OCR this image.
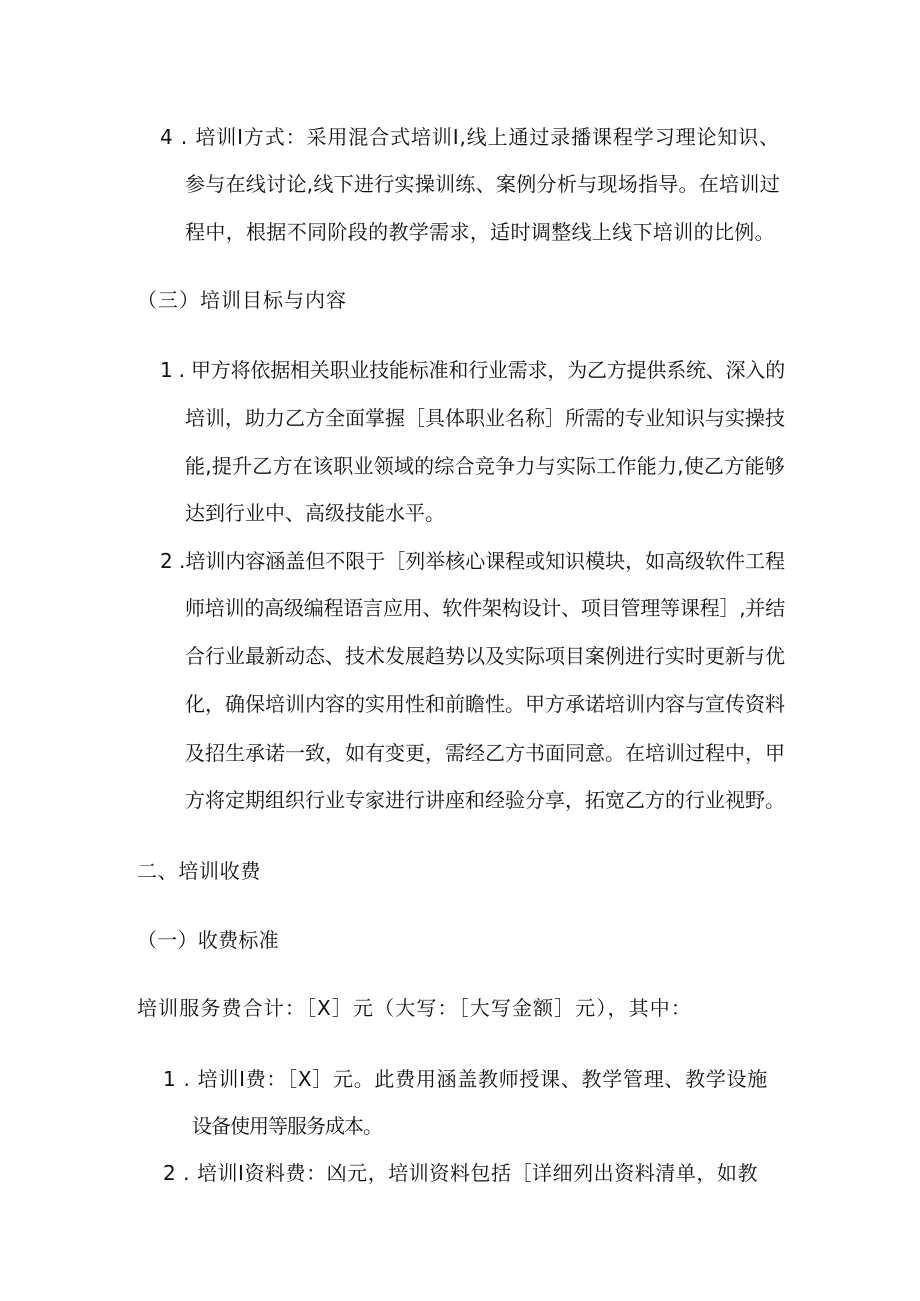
4 . 培训I方式：采用混合式培训I,线上通过录播课程学习理论知识、
参与在线讨论,线下进行实操训练、案例分析与现场指导。在培训过
程中，根据不同阶段的教学需求，适时调整线上线下培训的比例。
（三）培训目标与内容
1 . 甲方将依据相关职业技能标准和行业需求，为乙方提供系统、深入的
培训，助力乙方全面掌握［具体职业名称］所需的专业知识与实操技
能,提升乙方在该职业领域的综合竞争力与实际工作能力,使乙方能够
达到行业中、高级技能水平。
2 .培训内容涵盖但不限于［列举核心课程或知识模块，如高级软件工程
师培训的高级编程语言应用、软件架构设计、项目管理等课程］,并结
合行业最新动态、技术发展趋势以及实际项目案例进行实时更新与优
化，确保培训内容的实用性和前瞻性。甲方承诺培训内容与宣传资料
及招生承诺一致，如有变更，需经乙方书面同意。在培训过程中，甲
方将定期组织行业专家进行讲座和经验分享，拓宽乙方的行业视野。
二、培训收费
（一）收费标准
培训服务费合计：［X］元（大写：［大写金额］元），其中：
1 . 培训I费：［X］元。此费用涵盖教师授课、教学管理、教学设施
设备使用等服务成本。
2 . 培训I资料费：凶元，培训资料包括［详细列出资料清单，如教
